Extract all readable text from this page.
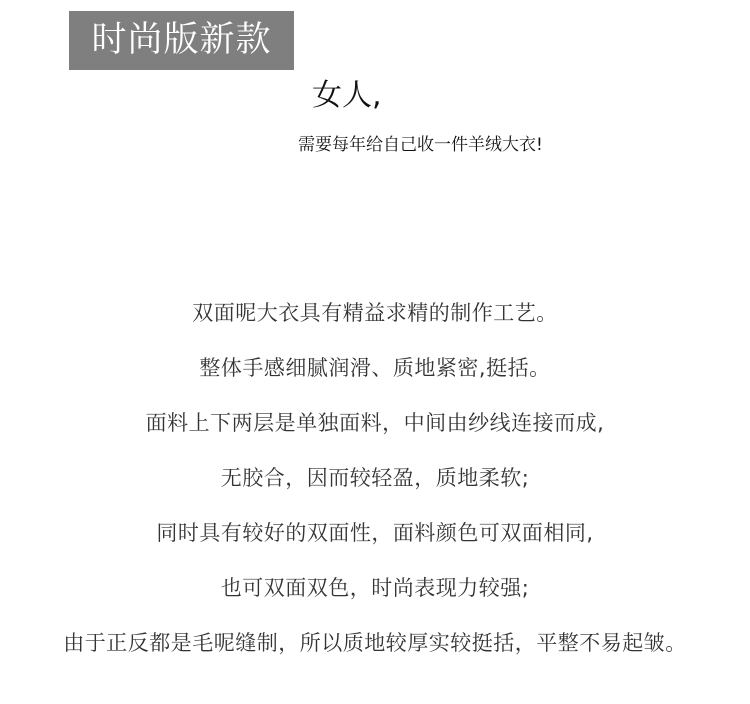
时尚版新款
女人,
需要每年给自己收一件羊绒大衣!
双面呢大衣具有精益求精的制作工艺。
整体手感细腻润滑、质地紧密,挺括。
面料上下两层是单独面料，中间由纱线连接而成,
无胶合，因而较轻盈，质地柔软;
同时具有较好的双面性，面料颜色可双面相同,
也可双面双色，时尚表现力较强;
由于正反都是毛呢缝制，所以质地较厚实较挺括，平整不易起皱。
